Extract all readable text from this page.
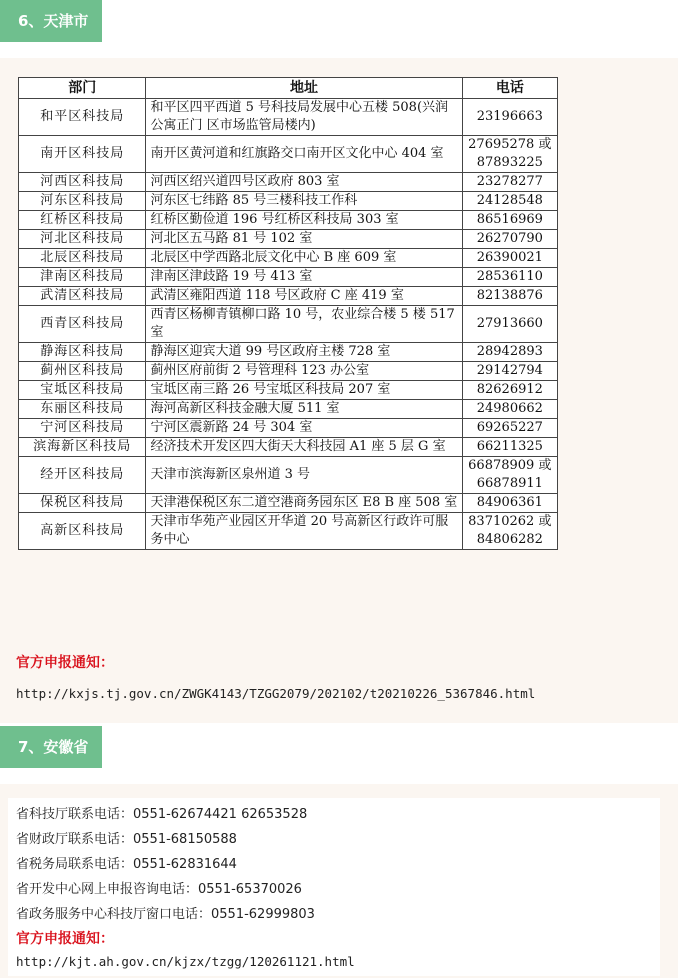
6、天津市
部门	地址	电话
和平区科技局	和平区四平西道 5 号科技局发展中心五楼 508(兴润公寓正门 区市场监管局楼内)	23196663
南开区科技局	南开区黄河道和红旗路交口南开区文化中心 404 室	27695278 或 87893225
河西区科技局	河西区绍兴道四号区政府 803 室	23278277
河东区科技局	河东区七纬路 85 号三楼科技工作科	24128548
红桥区科技局	红桥区勤俭道 196 号红桥区科技局 303 室	86516969
河北区科技局	河北区五马路 81 号 102 室	26270790
北辰区科技局	北辰区中学西路北辰文化中心 B 座 609 室	26390021
津南区科技局	津南区津歧路 19 号 413 室	28536110
武清区科技局	武清区雍阳西道 118 号区政府 C 座 419 室	82138876
西青区科技局	西青区杨柳青镇柳口路 10 号，农业综合楼 5 楼 517 室	27913660
静海区科技局	静海区迎宾大道 99 号区政府主楼 728 室	28942893
蓟州区科技局	蓟州区府前街 2 号管理科 123 办公室	29142794
宝坻区科技局	宝坻区南三路 26 号宝坻区科技局 207 室	82626912
东丽区科技局	海河高新区科技金融大厦 511 室	24980662
宁河区科技局	宁河区震新路 24 号 304 室	69265227
滨海新区科技局	经济技术开发区四大街天大科技园 A1 座 5 层 G 室	66211325
经开区科技局	天津市滨海新区泉州道 3 号	66878909 或 66878911
保税区科技局	天津港保税区东二道空港商务园东区 E8 B 座 508 室	84906361
高新区科技局	天津市华苑产业园区开华道 20 号高新区行政许可服务中心	83710262 或 84806282
官方申报通知：
http://kxjs.tj.gov.cn/ZWGK4143/TZGG2079/202102/t20210226_5367846.html
7、安徽省
省科技厅联系电话：0551-62674421 62653528
省财政厅联系电话：0551-68150588
省税务局联系电话：0551-62831644
省开发中心网上申报咨询电话：0551-65370026
省政务服务中心科技厅窗口电话：0551-62999803
官方申报通知：
http://kjt.ah.gov.cn/kjzx/tzgg/120261121.html
